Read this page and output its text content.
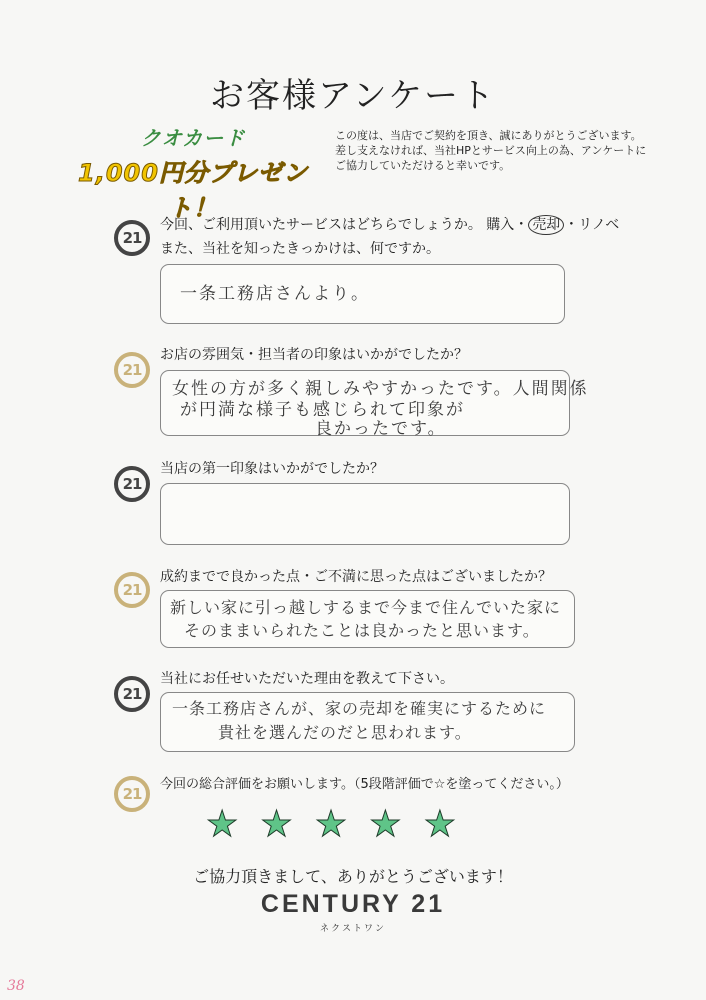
お客様アンケート
クオカード
1,000円分プレゼント！
この度は、当店でご契約を頂き、誠にありがとうございます。
差し支えなければ、当社HPとサービス向上の為、アンケートに
ご協力していただけると幸いです。
21
今回、ご利用頂いたサービスはどちらでしょうか。 購入・ 売却 ・リノベ
また、当社を知ったきっかけは、何ですか。
一条工務店さんより。
21
お店の雰囲気・担当者の印象はいかがでしたか？
女性の方が多く親しみやすかったです。人間関係
が円満な様子も感じられて印象が
良かったです。
21
当店の第一印象はいかがでしたか？
21
成約までで良かった点・ご不満に思った点はございましたか？
新しい家に引っ越しするまで今まで住んでいた家に
そのままいられたことは良かったと思います。
21
当社にお任せいただいた理由を教えて下さい。
一条工務店さんが、家の売却を確実にするために
貴社を選んだのだと思われます。
21
今回の総合評価をお願いします。（5段階評価で☆を塗ってください。）
★ ★ ★ ★ ★
ご協力頂きまして、ありがとうございます！
CENTURY 21
ネクストワン
38
